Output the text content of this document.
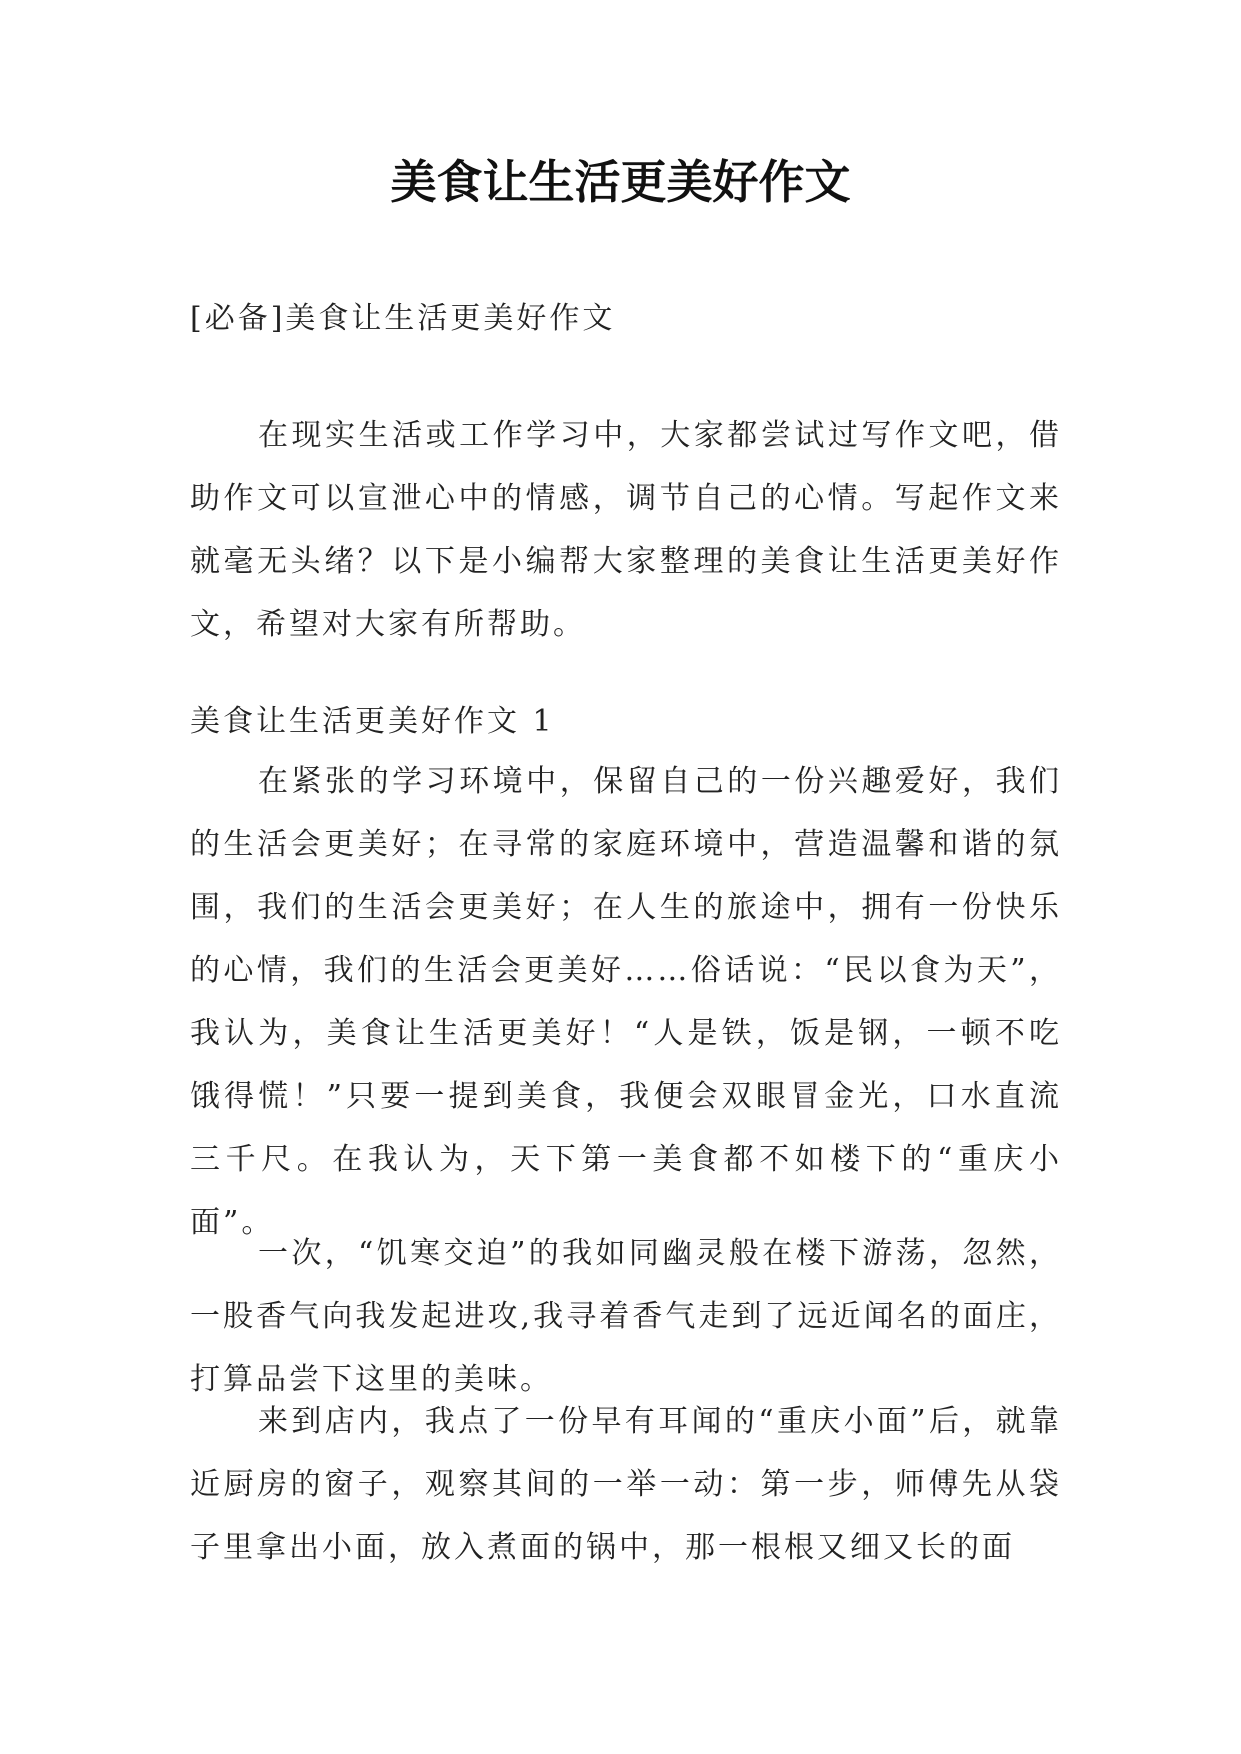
美食让生活更美好作文

[必备]美食让生活更美好作文

在现实生活或工作学习中，大家都尝试过写作文吧，借助作文可以宣泄心中的情感，调节自己的心情。写起作文来就毫无头绪？以下是小编帮大家整理的美食让生活更美好作文，希望对大家有所帮助。

美食让生活更美好作文 1

在紧张的学习环境中，保留自己的一份兴趣爱好，我们的生活会更美好；在寻常的家庭环境中，营造温馨和谐的氛围，我们的生活会更美好；在人生的旅途中，拥有一份快乐的心情，我们的生活会更美好……俗话说：“民以食为天”，我认为，美食让生活更美好！“人是铁，饭是钢，一顿不吃饿得慌！”只要一提到美食，我便会双眼冒金光，口水直流三千尺。在我认为，天下第一美食都不如楼下的“重庆小面”。

一次，“饥寒交迫”的我如同幽灵般在楼下游荡，忽然，一股香气向我发起进攻,我寻着香气走到了远近闻名的面庄，打算品尝下这里的美味。

来到店内，我点了一份早有耳闻的“重庆小面”后，就靠近厨房的窗子，观察其间的一举一动：第一步，师傅先从袋子里拿出小面，放入煮面的锅中，那一根根又细又长的面
